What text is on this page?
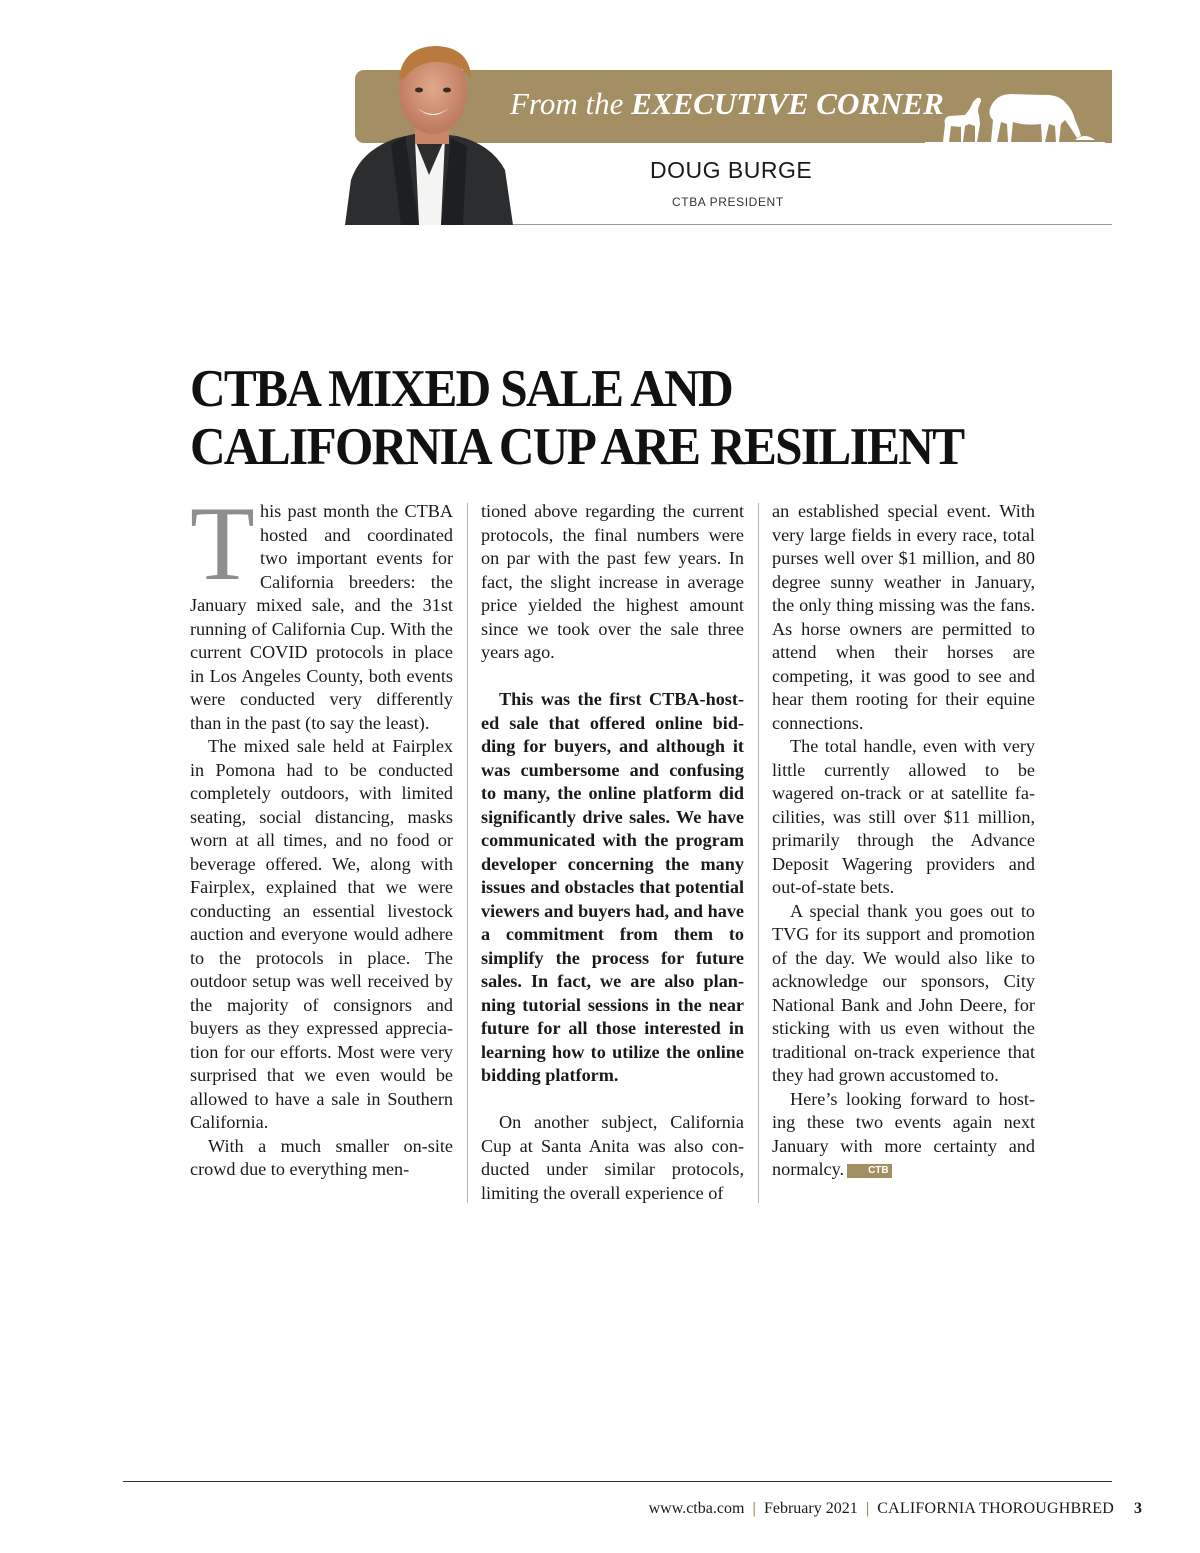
From the EXECUTIVE CORNER
DOUG BURGE
CTBA PRESIDENT
CTBA MIXED SALE AND
CALIFORNIA CUP ARE RESILIENT
T his past month the CTBA hosted and coordinated two important events for California breeders: the January mixed sale, and the 31st running of California Cup. With the current COVID protocols in place in Los Angeles County, both events were conducted very differently than in the past (to say the least).

The mixed sale held at Fairplex in Pomona had to be conducted completely outdoors, with limited seating, social distancing, masks worn at all times, and no food or beverage offered. We, along with Fairplex, explained that we were conducting an essential livestock auction and everyone would adhere to the protocols in place. The outdoor setup was well received by the majority of consignors and buyers as they expressed appreciation for our efforts. Most were very surprised that we even would be allowed to have a sale in Southern California.

With a much smaller on-site crowd due to everything men-

tioned above regarding the current protocols, the final numbers were on par with the past few years. In fact, the slight increase in average price yielded the highest amount since we took over the sale three years ago.

This was the first CTBA-hosted sale that offered online bidding for buyers, and although it was cumbersome and confusing to many, the online platform did significantly drive sales. We have communicated with the program developer concerning the many issues and obstacles that potential viewers and buyers had, and have a commitment from them to simplify the process for future sales. In fact, we are also planning tutorial sessions in the near future for all those interested in learning how to utilize the online bidding platform.

On another subject, California Cup at Santa Anita was also conducted under similar protocols, limiting the overall experience of

an established special event. With very large fields in every race, total purses well over $1 million, and 80 degree sunny weather in January, the only thing missing was the fans. As horse owners are permitted to attend when their horses are competing, it was good to see and hear them rooting for their equine connections.

The total handle, even with very little currently allowed to be wagered on-track or at satellite facilities, was still over $11 million, primarily through the Advance Deposit Wagering providers and out-of-state bets.

A special thank you goes out to TVG for its support and promotion of the day. We would also like to acknowledge our sponsors, City National Bank and John Deere, for sticking with us even without the traditional on-track experience that they had grown accustomed to.

Here’s looking forward to hosting these two events again next January with more certainty and normalcy. CTB

www.ctba.com | February 2021 | CALIFORNIA THOROUGHBRED 3
